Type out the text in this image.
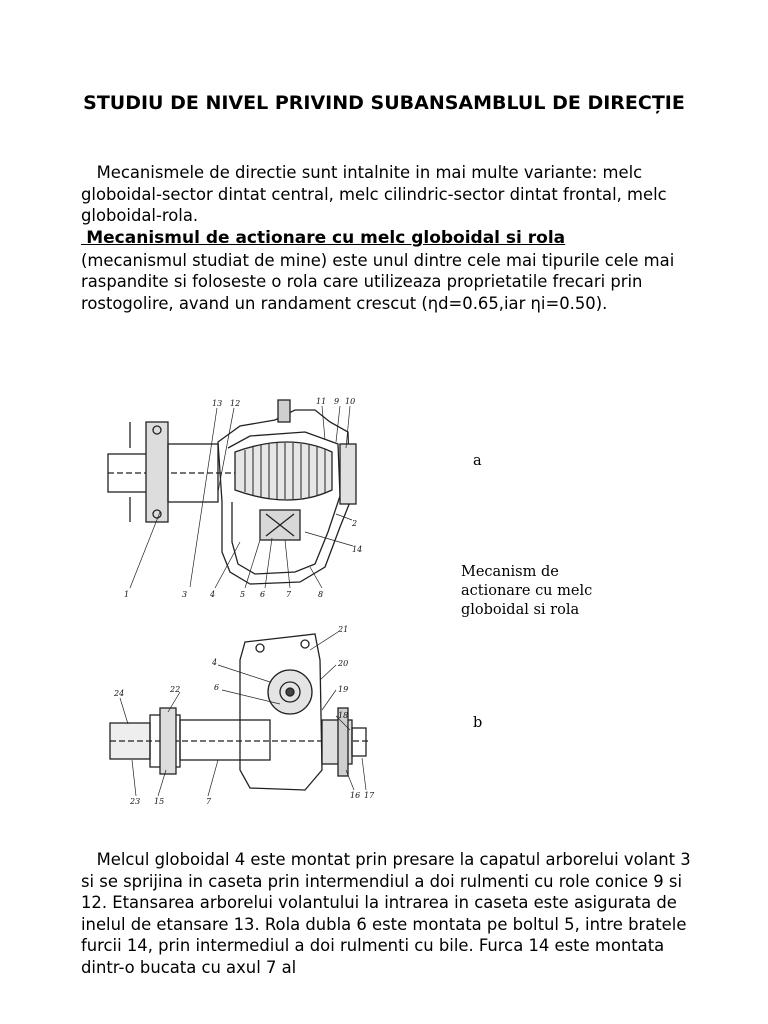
STUDIU DE NIVEL PRIVIND SUBANSAMBLUL DE DIRECȚIE
Mecanismele de directie sunt intalnite in mai multe variante: melc globoidal-sector dintat central, melc cilindric-sector dintat frontal, melc globoidal-rola.
Mecanismul de actionare cu melc globoidal si rola
(mecanismul studiat de mine) este unul dintre cele mai tipurile cele mai raspandite si foloseste o rola care utilizeaza proprietatile frecari prin rostogolire, avand un randament crescut (ηd=0.65,iar ηi=0.50).
13 12	11 9 10
2
14
1	3	4	5 6	7	8
a
Mecanism de actionare cu melc globoidal si rola
b
21
20
19
18
4
6
24	22
23 15	7
16 17
Melcul globoidal 4 este montat prin presare la capatul arborelui volant 3 si se sprijina in caseta prin intermendiul a doi rulmenti cu role conice 9 si 12. Etansarea arborelui volantului la intrarea in caseta este asigurata de inelul de etansare 13. Rola dubla 6 este montata pe boltul 5, intre bratele furcii 14, prin intermediul a doi rulmenti cu bile. Furca 14 este montata dintr-o bucata cu axul 7 al
